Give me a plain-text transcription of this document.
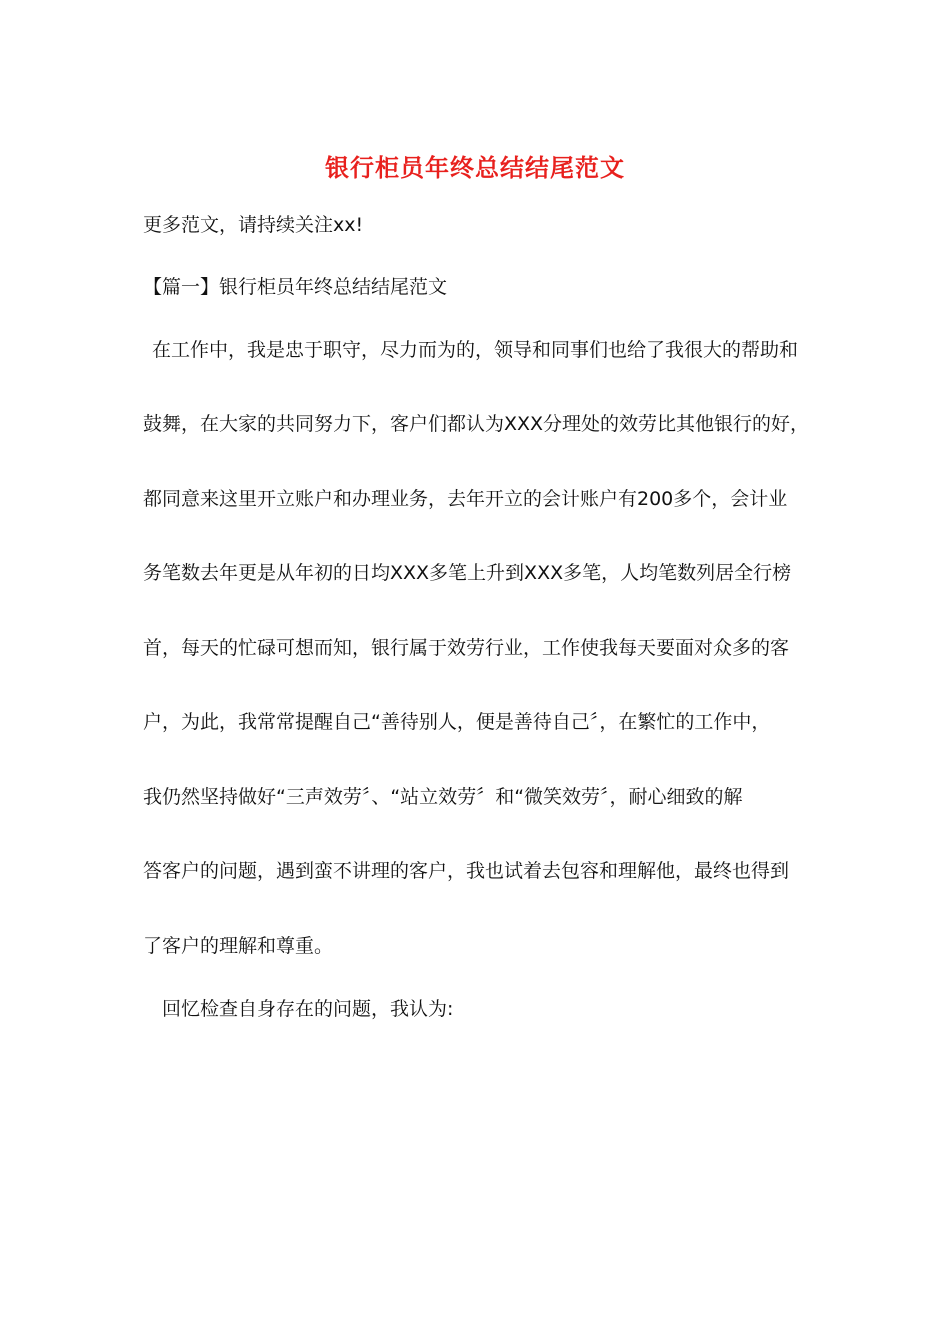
银行柜员年终总结结尾范文
更多范文，请持续关注xx!
【篇一】银行柜员年终总结结尾范文
在工作中，我是忠于职守，尽力而为的，领导和同事们也给了我很大的帮助和
鼓舞，在大家的共同努力下，客户们都认为XXX分理处的效劳比其他银行的好，
都同意来这里开立账户和办理业务，去年开立的会计账户有200多个，会计业
务笔数去年更是从年初的日均XXX多笔上升到XXX多笔，人均笔数列居全行榜
首，每天的忙碌可想而知，银行属于效劳行业，工作使我每天要面对众多的客
户，为此，我常常提醒自己“善待别人，便是善待自己〞，在繁忙的工作中，
我仍然坚持做好“三声效劳〞、“站立效劳〞和“微笑效劳〞，耐心细致的解
答客户的问题，遇到蛮不讲理的客户，我也试着去包容和理解他，最终也得到
了客户的理解和尊重。
回忆检查自身存在的问题，我认为:
